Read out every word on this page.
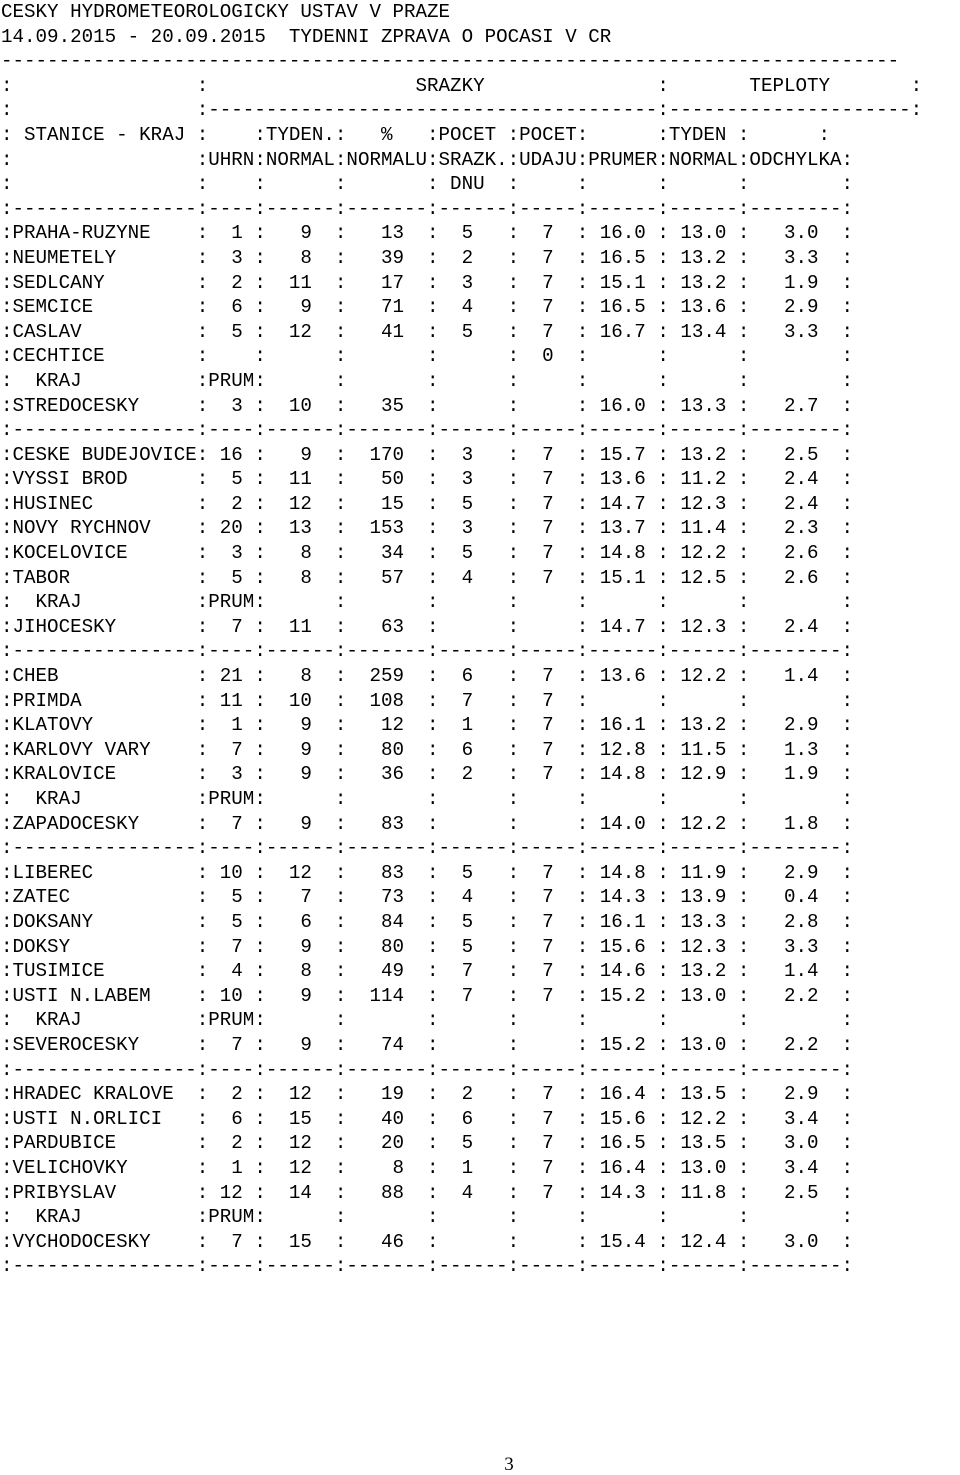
CESKY HYDROMETEOROLOGICKY USTAV V PRAZE
14.09.2015 - 20.09.2015  TYDENNI ZPRAVA O POCASI V CR
------------------------------------------------------------------------------
:                :                  SRAZKY               :       TEPLOTY       :
:                :---------------------------------------:---------------------:
: STANICE - KRAJ :    :TYDEN.:   %   :POCET :POCET:      :TYDEN :      :
:                :UHRN:NORMAL:NORMALU:SRAZK.:UDAJU:PRUMER:NORMAL:ODCHYLKA:
:                :    :      :       : DNU  :     :      :      :        :
:----------------:----:------:-------:------:-----:------:------:--------:
:PRAHA-RUZYNE    :  1 :   9  :   13  :  5   :  7  : 16.0 : 13.0 :   3.0  :
:NEUMETELY       :  3 :   8  :   39  :  2   :  7  : 16.5 : 13.2 :   3.3  :
:SEDLCANY        :  2 :  11  :   17  :  3   :  7  : 15.1 : 13.2 :   1.9  :
:SEMCICE         :  6 :   9  :   71  :  4   :  7  : 16.5 : 13.6 :   2.9  :
:CASLAV          :  5 :  12  :   41  :  5   :  7  : 16.7 : 13.4 :   3.3  :
:CECHTICE        :    :      :       :      :  0  :      :      :        :
:  KRAJ          :PRUM:      :       :      :     :      :      :        :
:STREDOCESKY     :  3 :  10  :   35  :      :     : 16.0 : 13.3 :   2.7  :
:----------------:----:------:-------:------:-----:------:------:--------:
:CESKE BUDEJOVICE: 16 :   9  :  170  :  3   :  7  : 15.7 : 13.2 :   2.5  :
:VYSSI BROD      :  5 :  11  :   50  :  3   :  7  : 13.6 : 11.2 :   2.4  :
:HUSINEC         :  2 :  12  :   15  :  5   :  7  : 14.7 : 12.3 :   2.4  :
:NOVY RYCHNOV    : 20 :  13  :  153  :  3   :  7  : 13.7 : 11.4 :   2.3  :
:KOCELOVICE      :  3 :   8  :   34  :  5   :  7  : 14.8 : 12.2 :   2.6  :
:TABOR           :  5 :   8  :   57  :  4   :  7  : 15.1 : 12.5 :   2.6  :
:  KRAJ          :PRUM:      :       :      :     :      :      :        :
:JIHOCESKY       :  7 :  11  :   63  :      :     : 14.7 : 12.3 :   2.4  :
:----------------:----:------:-------:------:-----:------:------:--------:
:CHEB            : 21 :   8  :  259  :  6   :  7  : 13.6 : 12.2 :   1.4  :
:PRIMDA          : 11 :  10  :  108  :  7   :  7  :      :      :        :
:KLATOVY         :  1 :   9  :   12  :  1   :  7  : 16.1 : 13.2 :   2.9  :
:KARLOVY VARY    :  7 :   9  :   80  :  6   :  7  : 12.8 : 11.5 :   1.3  :
:KRALOVICE       :  3 :   9  :   36  :  2   :  7  : 14.8 : 12.9 :   1.9  :
:  KRAJ          :PRUM:      :       :      :     :      :      :        :
:ZAPADOCESKY     :  7 :   9  :   83  :      :     : 14.0 : 12.2 :   1.8  :
:----------------:----:------:-------:------:-----:------:------:--------:
:LIBEREC         : 10 :  12  :   83  :  5   :  7  : 14.8 : 11.9 :   2.9  :
:ZATEC           :  5 :   7  :   73  :  4   :  7  : 14.3 : 13.9 :   0.4  :
:DOKSANY         :  5 :   6  :   84  :  5   :  7  : 16.1 : 13.3 :   2.8  :
:DOKSY           :  7 :   9  :   80  :  5   :  7  : 15.6 : 12.3 :   3.3  :
:TUSIMICE        :  4 :   8  :   49  :  7   :  7  : 14.6 : 13.2 :   1.4  :
:USTI N.LABEM    : 10 :   9  :  114  :  7   :  7  : 15.2 : 13.0 :   2.2  :
:  KRAJ          :PRUM:      :       :      :     :      :      :        :
:SEVEROCESKY     :  7 :   9  :   74  :      :     : 15.2 : 13.0 :   2.2  :
:----------------:----:------:-------:------:-----:------:------:--------:
:HRADEC KRALOVE  :  2 :  12  :   19  :  2   :  7  : 16.4 : 13.5 :   2.9  :
:USTI N.ORLICI   :  6 :  15  :   40  :  6   :  7  : 15.6 : 12.2 :   3.4  :
:PARDUBICE       :  2 :  12  :   20  :  5   :  7  : 16.5 : 13.5 :   3.0  :
:VELICHOVKY      :  1 :  12  :    8  :  1   :  7  : 16.4 : 13.0 :   3.4  :
:PRIBYSLAV       : 12 :  14  :   88  :  4   :  7  : 14.3 : 11.8 :   2.5  :
:  KRAJ          :PRUM:      :       :      :     :      :      :        :
:VYCHODOCESKY    :  7 :  15  :   46  :      :     : 15.4 : 12.4 :   3.0  :
:----------------:----:------:-------:------:-----:------:------:--------:
3
